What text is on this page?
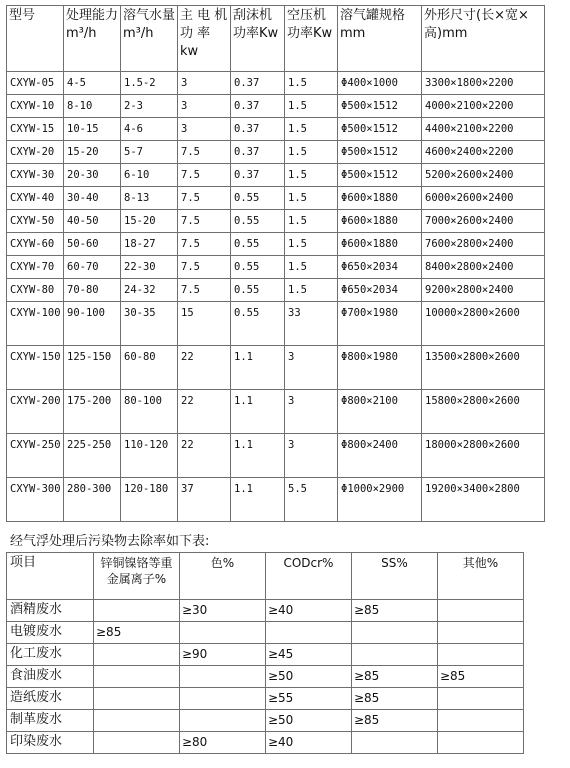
型号	处理能力m³/h	溶气水量m³/h	主 电 机 功 率kw	刮沫机功率Kw	空压机功率Kw	溶气罐规格mm	外形尺寸(长×宽×高)mm
CXYW-05	4-5	1.5-2	3	0.37	1.5	Φ400×1000	3300×1800×2200
CXYW-10	8-10	2-3	3	0.37	1.5	Φ500×1512	4000×2100×2200
CXYW-15	10-15	4-6	3	0.37	1.5	Φ500×1512	4400×2100×2200
CXYW-20	15-20	5-7	7.5	0.37	1.5	Φ500×1512	4600×2400×2200
CXYW-30	20-30	6-10	7.5	0.37	1.5	Φ500×1512	5200×2600×2400
CXYW-40	30-40	8-13	7.5	0.55	1.5	Φ600×1880	6000×2600×2400
CXYW-50	40-50	15-20	7.5	0.55	1.5	Φ600×1880	7000×2600×2400
CXYW-60	50-60	18-27	7.5	0.55	1.5	Φ600×1880	7600×2800×2400
CXYW-70	60-70	22-30	7.5	0.55	1.5	Φ650×2034	8400×2800×2400
CXYW-80	70-80	24-32	7.5	0.55	1.5	Φ650×2034	9200×2800×2400
CXYW-100	90-100	30-35	15	0.55	33	Φ700×1980	10000×2800×2600
CXYW-150	125-150	60-80	22	1.1	3	Φ800×1980	13500×2800×2600
CXYW-200	175-200	80-100	22	1.1	3	Φ800×2100	15800×2800×2600
CXYW-250	225-250	110-120	22	1.1	3	Φ800×2400	18000×2800×2600
CXYW-300	280-300	120-180	37	1.1	5.5	Φ1000×2900	19200×3400×2800
经气浮处理后污染物去除率如下表:
项目	锌铜镍铬等重金属离子%	色%	CODcr%	SS%	其他%
酒精废水		≥30	≥40	≥85	
电镀废水	≥85				
化工废水		≥90	≥45		
食油废水			≥50	≥85	≥85
造纸废水			≥55	≥85	
制革废水			≥50	≥85	
印染废水		≥80	≥40		
